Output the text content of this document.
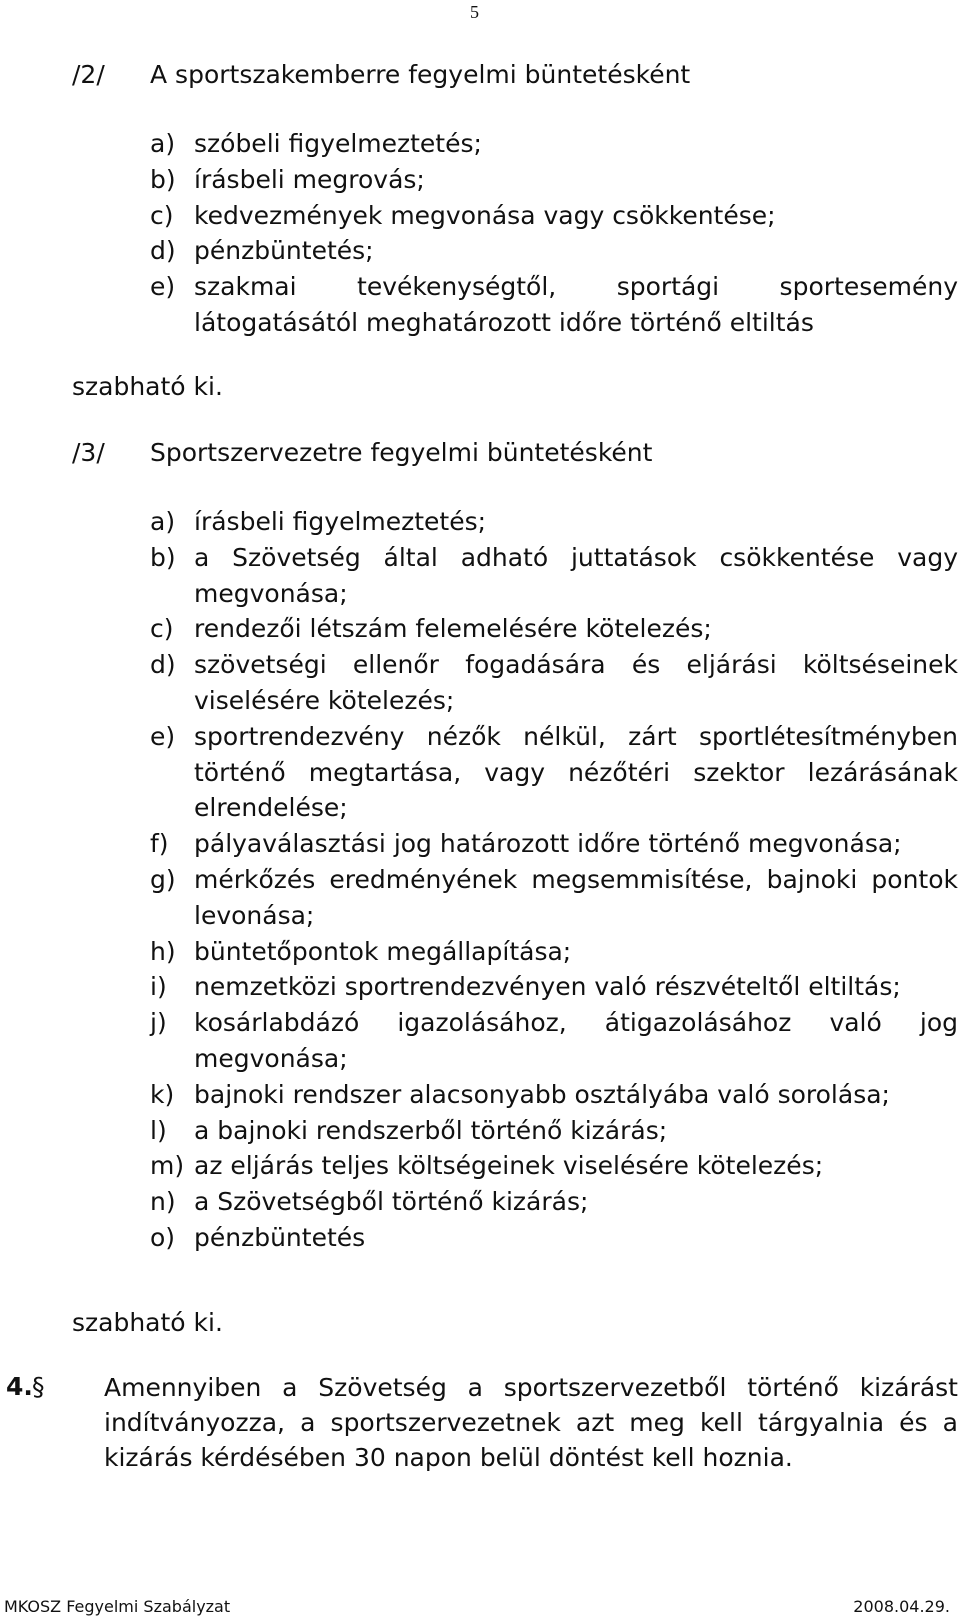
5
/2/ A sportszakemberre fegyelmi büntetésként
a) szóbeli figyelmeztetés;
b) írásbeli megrovás;
c) kedvezmények megvonása vagy csökkentése;
d) pénzbüntetés;
e) szakmai tevékenységtől, sportági sportesemény látogatásától meghatározott időre történő eltiltás
szabható ki.
/3/ Sportszervezetre fegyelmi büntetésként
a) írásbeli figyelmeztetés;
b) a Szövetség által adható juttatások csökkentése vagy megvonása;
c) rendezői létszám felemelésére kötelezés;
d) szövetségi ellenőr fogadására és eljárási költséseinek viselésére kötelezés;
e) sportrendezvény nézők nélkül, zárt sportlétesítményben történő megtartása, vagy nézőtéri szektor lezárásának elrendelése;
f)	pályaválasztási jog határozott időre történő megvonása;
g) mérkőzés eredményének megsemmisítése, bajnoki pontok levonása;
h) büntetőpontok megállapítása;
i)	nemzetközi sportrendezvényen való részvételtől eltiltás;
j)	kosárlabdázó igazolásához, átigazolásához való jog megvonása;
k) bajnoki rendszer alacsonyabb osztályába való sorolása;
l)	a bajnoki rendszerből történő kizárás;
m) az eljárás teljes költségeinek viselésére kötelezés;
n) a Szövetségből történő kizárás;
o) pénzbüntetés
szabható ki.
4. § Amennyiben a Szövetség a sportszervezetből történő kizárást indítványozza, a sportszervezetnek azt meg kell tárgyalnia és a kizárás kérdésében 30 napon belül döntést kell hoznia.
MKOSZ Fegyelmi Szabályzat	2008.04.29.
